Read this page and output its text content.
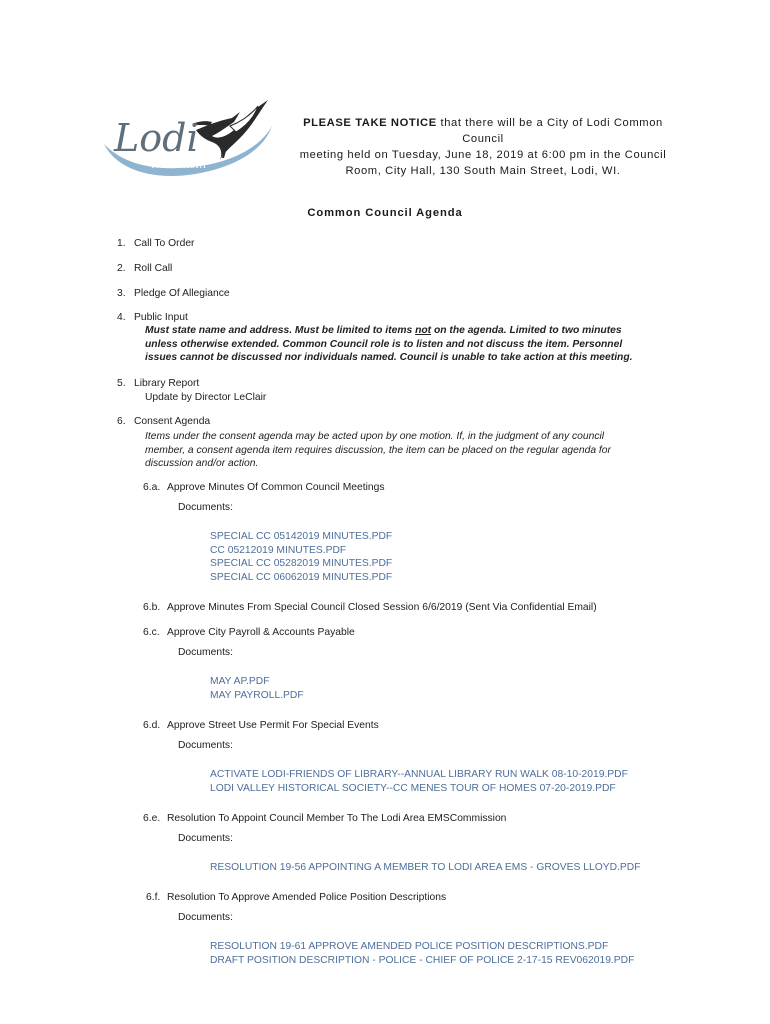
Lodi
Wisconsin
PLEASE TAKE NOTICE that there will be a City of Lodi Common Council
meeting held on Tuesday, June 18, 2019 at 6:00 pm in the Council
Room, City Hall, 130 South Main Street, Lodi, WI.
Common Council Agenda
1. Call To Order
2. Roll Call
3. Pledge Of Allegiance
4. Public Input
Must state name and address. Must be limited to items not on the agenda. Limited to two minutes
unless otherwise extended. Common Council role is to listen and not discuss the item. Personnel
issues cannot be discussed nor individuals named. Council is unable to take action at this meeting.
5. Library Report
Update by Director LeClair
6. Consent Agenda
Items under the consent agenda may be acted upon by one motion. If, in the judgment of any council
member, a consent agenda item requires discussion, the item can be placed on the regular agenda for
discussion and/or action.
6.a. Approve Minutes Of Common Council Meetings
Documents:
SPECIAL CC 05142019 MINUTES.PDF
CC 05212019 MINUTES.PDF
SPECIAL CC 05282019 MINUTES.PDF
SPECIAL CC 06062019 MINUTES.PDF
6.b. Approve Minutes From Special Council Closed Session 6/6/2019 (Sent Via Confidential Email)
6.c. Approve City Payroll & Accounts Payable
Documents:
MAY AP.PDF
MAY PAYROLL.PDF
6.d. Approve Street Use Permit For Special Events
Documents:
ACTIVATE LODI-FRIENDS OF LIBRARY--ANNUAL LIBRARY RUN WALK 08-10-2019.PDF
LODI VALLEY HISTORICAL SOCIETY--CC MENES TOUR OF HOMES 07-20-2019.PDF
6.e. Resolution To Appoint Council Member To The Lodi Area EMSCommission
Documents:
RESOLUTION 19-56 APPOINTING A MEMBER TO LODI AREA EMS - GROVES LLOYD.PDF
6.f. Resolution To Approve Amended Police Position Descriptions
Documents:
RESOLUTION 19-61 APPROVE AMENDED POLICE POSITION DESCRIPTIONS.PDF
DRAFT POSITION DESCRIPTION - POLICE - CHIEF OF POLICE 2-17-15 REV062019.PDF
